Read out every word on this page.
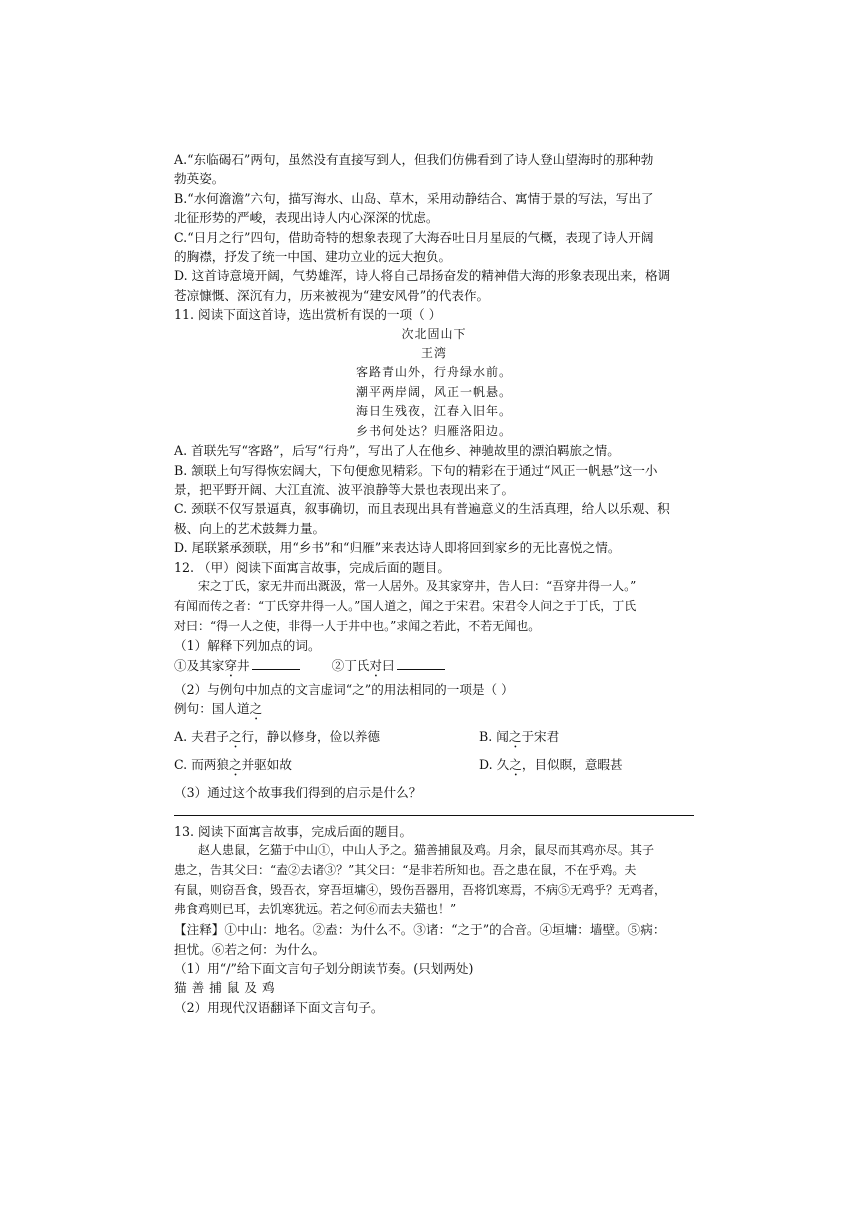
A.“东临碣石”两句，虽然没有直接写到人，但我们仿佛看到了诗人登山望海时的那种勃
勃英姿。
B.“水何澹澹”六句，描写海水、山岛、草木，采用动静结合、寓情于景的写法，写出了
北征形势的严峻，表现出诗人内心深深的忧虑。
C.“日月之行”四句，借助奇特的想象表现了大海吞吐日月星辰的气概，表现了诗人开阔
的胸襟，抒发了统一中国、建功立业的远大抱负。
D. 这首诗意境开阔，气势雄浑，诗人将自己昂扬奋发的精神借大海的形象表现出来，格调
苍凉慷慨、深沉有力，历来被视为“建安风骨”的代表作。
11. 阅读下面这首诗，选出赏析有误的一项（ ）
次北固山下
王湾
客路青山外，行舟绿水前。
潮平两岸阔，风正一帆悬。
海日生残夜，江春入旧年。
乡书何处达？归雁洛阳边。
A. 首联先写“客路”，后写“行舟”，写出了人在他乡、神驰故里的漂泊羁旅之情。
B. 颔联上句写得恢宏阔大，下句便愈见精彩。下句的精彩在于通过“风正一帆悬”这一小
景，把平野开阔、大江直流、波平浪静等大景也表现出来了。
C. 颈联不仅写景逼真，叙事确切，而且表现出具有普遍意义的生活真理，给人以乐观、积
极、向上的艺术鼓舞力量。
D. 尾联紧承颈联，用“乡书”和“归雁”来表达诗人即将回到家乡的无比喜悦之情。
12. （甲）阅读下面寓言故事，完成后面的题目。
宋之丁氏，家无井而出溉汲，常一人居外。及其家穿井，告人曰：“吾穿井得一人。”
有闻而传之者：“丁氏穿井得一人。”国人道之，闻之于宋君。宋君令人问之于丁氏，丁氏
对曰：“得一人之使，非得一人于井中也。”求闻之若此，不若无闻也。
（1）解释下列加点的词。
①及其家穿井	②丁氏对曰
（2）与例句中加点的文言虚词“之”的用法相同的一项是（ ）
例句：国人道之
A. 夫君子之行，静以修身，俭以养德	B. 闻之于宋君
C. 而两狼之并驱如故	D. 久之，目似瞑，意暇甚
（3）通过这个故事我们得到的启示是什么？
13. 阅读下面寓言故事，完成后面的题目。
赵人患鼠，乞猫于中山①，中山人予之。猫善捕鼠及鸡。月余，鼠尽而其鸡亦尽。其子
患之，告其父曰：“盍②去诸③？”其父曰：“是非若所知也。吾之患在鼠，不在乎鸡。夫
有鼠，则窃吾食，毁吾衣，穿吾垣墉④，毁伤吾器用，吾将饥寒焉，不病⑤无鸡乎？无鸡者，
弗食鸡则已耳，去饥寒犹远。若之何⑥而去夫猫也！”
【注释】①中山：地名。②盍：为什么不。③诸：“之于”的合音。④垣墉：墙壁。⑤病：
担忧。⑥若之何：为什么。
（1）用“/”给下面文言句子划分朗读节奏。(只划两处)
猫善捕鼠及鸡
（2）用现代汉语翻译下面文言句子。
